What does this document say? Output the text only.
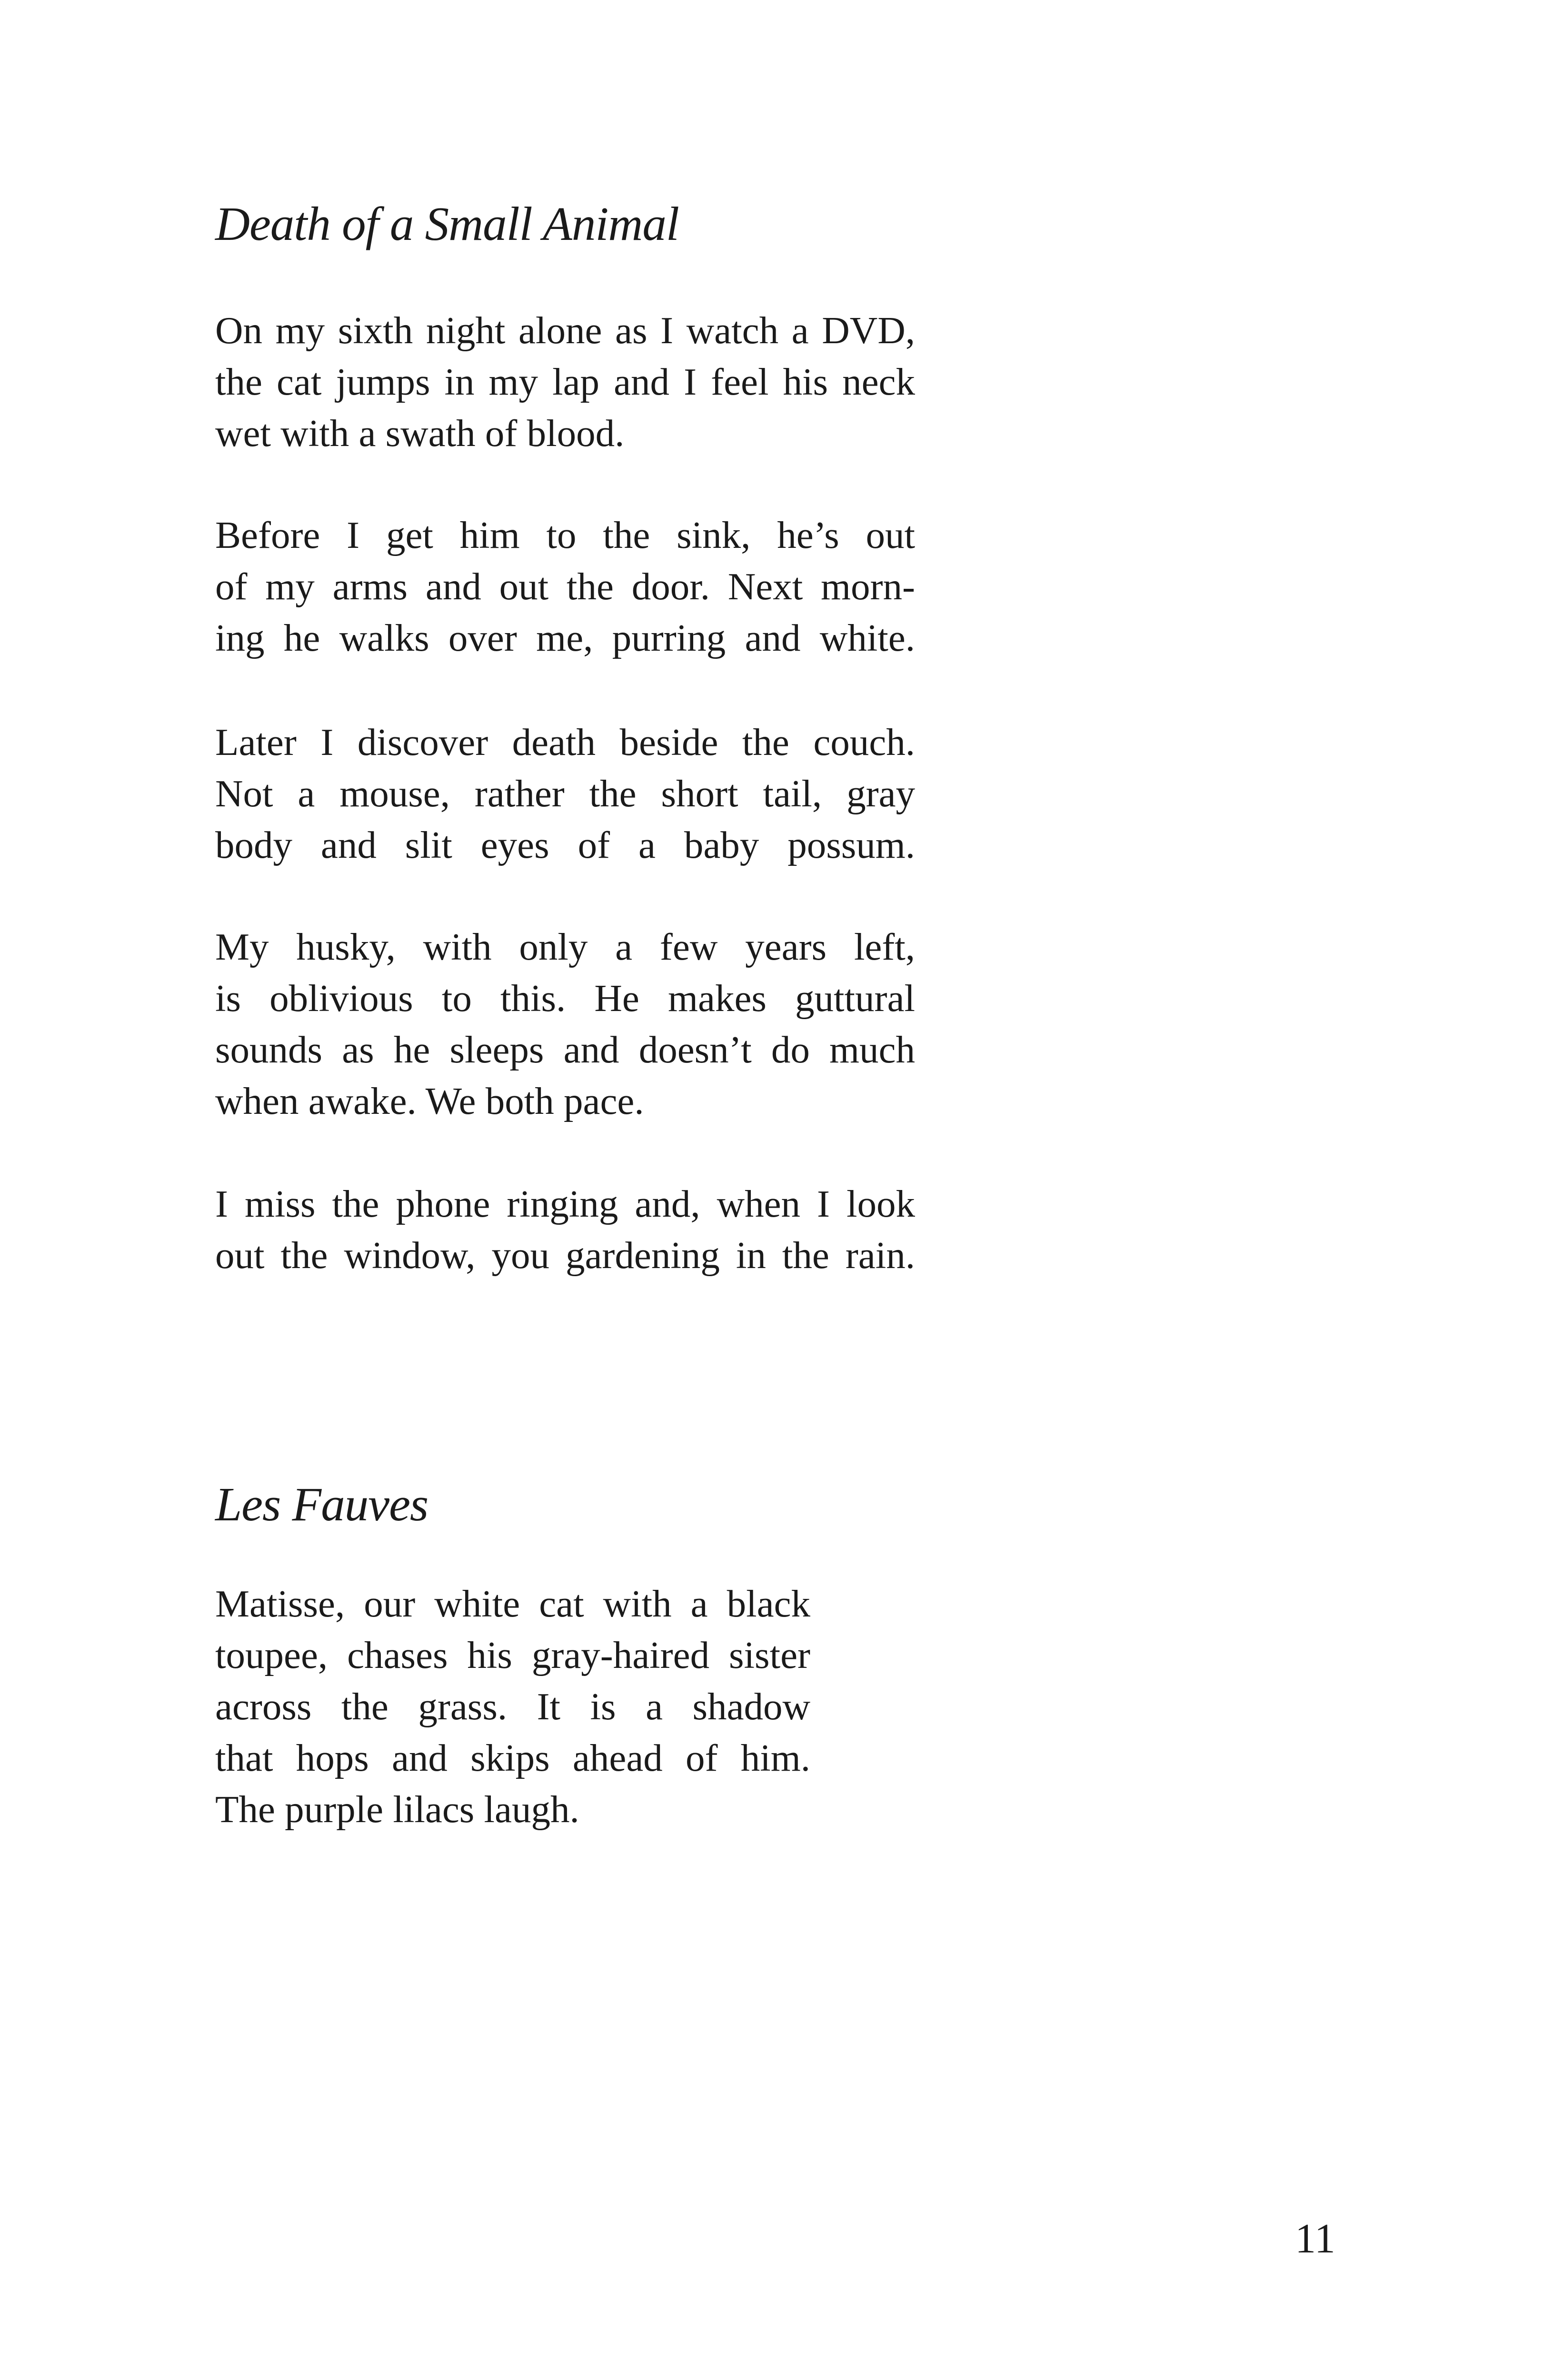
Death of a Small Animal

On my sixth night alone as I watch a DVD,
the cat jumps in my lap and I feel his neck
wet with a swath of blood.

Before I get him to the sink, he’s out
of my arms and out the door. Next morn-
ing he walks over me, purring and white.

Later I discover death beside the couch.
Not a mouse, rather the short tail, gray
body and slit eyes of a baby possum.

My husky, with only a few years left,
is oblivious to this. He makes guttural
sounds as he sleeps and doesn’t do much
when awake. We both pace.

I miss the phone ringing and, when I look
out the window, you gardening in the rain.

Les Fauves

Matisse, our white cat with a black
toupee, chases his gray-haired sister
across the grass. It is a shadow
that hops and skips ahead of him.
The purple lilacs laugh.

11
